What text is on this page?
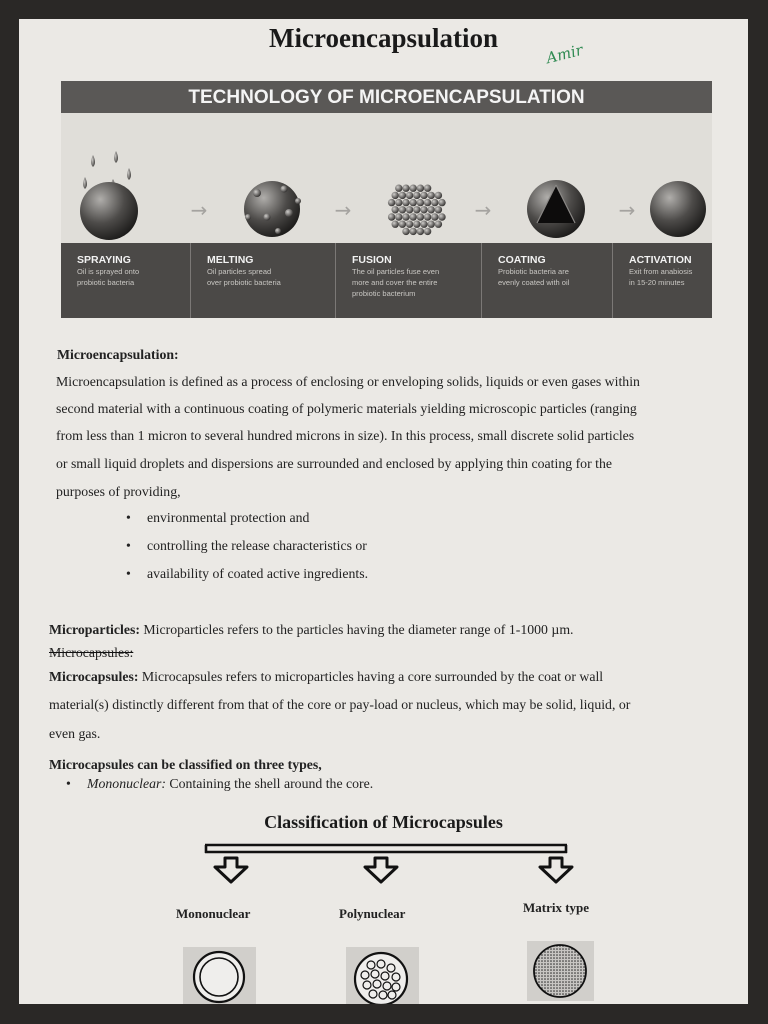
Microencapsulation
Amir
TECHNOLOGY OF MICROENCAPSULATION
→	→	→	→
SPRAYING
Oil is sprayed onto
probiotic bacteria
MELTING
Oil particles spread
over probiotic bacteria
FUSION
The oil particles fuse even
more and cover the entire
probiotic bacterium
COATING
Probiotic bacteria are
evenly coated with oil
ACTIVATION
Exit from anabiosis
in 15-20 minutes
Microencapsulation:
Microencapsulation is defined as a process of enclosing or enveloping solids, liquids or even gases within
second material with a continuous coating of polymeric materials yielding microscopic particles (ranging
from less than 1 micron to several hundred microns in size). In this process, small discrete solid particles
or small liquid droplets and dispersions are surrounded and enclosed by applying thin coating for the
purposes of providing,
• environmental protection and
• controlling the release characteristics or
• availability of coated active ingredients.
Microparticles: Microparticles refers to the particles having the diameter range of 1-1000 µm.
Microcapsules:
Microcapsules: Microcapsules refers to microparticles having a core surrounded by the coat or wall
material(s) distinctly different from that of the core or pay-load or nucleus, which may be solid, liquid, or
even gas.
Microcapsules can be classified on three types,
• Mononuclear: Containing the shell around the core.
Classification of Microcapsules
Mononuclear	Polynuclear	Matrix type
